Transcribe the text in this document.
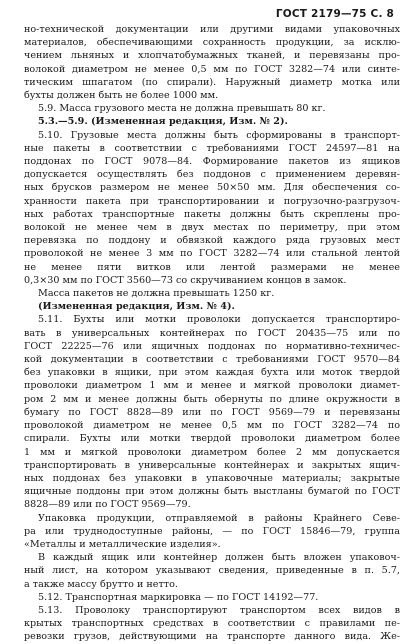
ГОСТ 2179—75 С. 8
но-технической документации или другими видами упаковочных
материалов, обеспечивающими сохранность продукции, за исклю-
чением льняных и хлопчатобумажных тканей, и перевязаны про-
волокой диаметром не менее 0,5 мм по ГОСТ 3282—74 или синте-
тическим шпагатом (по спирали). Наружный диаметр мотка или
бухты должен быть не более 1000 мм.
5.9. Масса грузового места не должна превышать 80 кг.
5.3.—5.9. (Измененная редакция, Изм. № 2).
5.10. Грузовые места должны быть сформированы в транспорт-
ные пакеты в соответствии с требованиями ГОСТ 24597—81 на
поддонах по ГОСТ 9078—84. Формирование пакетов из ящиков
допускается осуществлять без поддонов с применением деревян-
ных брусков размером не менее 50×50 мм. Для обеспечения со-
хранности пакета при транспортировании и погрузочно-разгрузоч-
ных работах транспортные пакеты должны быть скреплены про-
волокой не менее чем в двух местах по периметру, при этом
перевязка по поддону и обвязкой каждого ряда грузовых мест
проволокой не менее 3 мм по ГОСТ 3282—74 или стальной лентой
не менее пяти витков или лентой размерами не менее
0,3×30 мм по ГОСТ 3560—73 со скручиванием концов в замок.
Масса пакетов не должна превышать 1250 кг.
(Измененная редакция, Изм. № 4).
5.11. Бухты или мотки проволоки допускается транспортиро-
вать в универсальных контейнерах по ГОСТ 20435—75 или по
ГОСТ 22225—76 или ящичных поддонах по нормативно-техничес-
кой документации в соответствии с требованиями ГОСТ 9570—84
без упаковки в ящики, при этом каждая бухта или моток твердой
проволоки диаметром 1 мм и менее и мягкой проволоки диамет-
ром 2 мм и менее должны быть обернуты по длине окружности в
бумагу по ГОСТ 8828—89 или по ГОСТ 9569—79 и перевязаны
проволокой диаметром не менее 0,5 мм по ГОСТ 3282—74 по
спирали. Бухты или мотки твердой проволоки диаметром более
1 мм и мягкой проволоки диаметром более 2 мм допускается
транспортировать в универсальные контейнерах и закрытых ящич-
ных поддонах без упаковки в упаковочные материалы; закрытые
ящичные поддоны при этом должны быть выстланы бумагой по ГОСТ
8828—89 или по ГОСТ 9569—79.
Упаковка продукции, отправляемой в районы Крайнего Севе-
ра или труднодоступные районы, — по ГОСТ 15846—79, группа
«Металлы и металлические изделия».
В каждый ящик или контейнер должен быть вложен упаковоч-
ный лист, на котором указывают сведения, приведенные в п. 5.7,
а также массу брутто и нетто.
5.12. Транспортная маркировка — по ГОСТ 14192—77.
5.13. Проволоку транспортируют транспортом всех видов в
крытых транспортных средствах в соответствии с правилами пе-
ревозки грузов, действующими на транспорте данного вида. Же-
